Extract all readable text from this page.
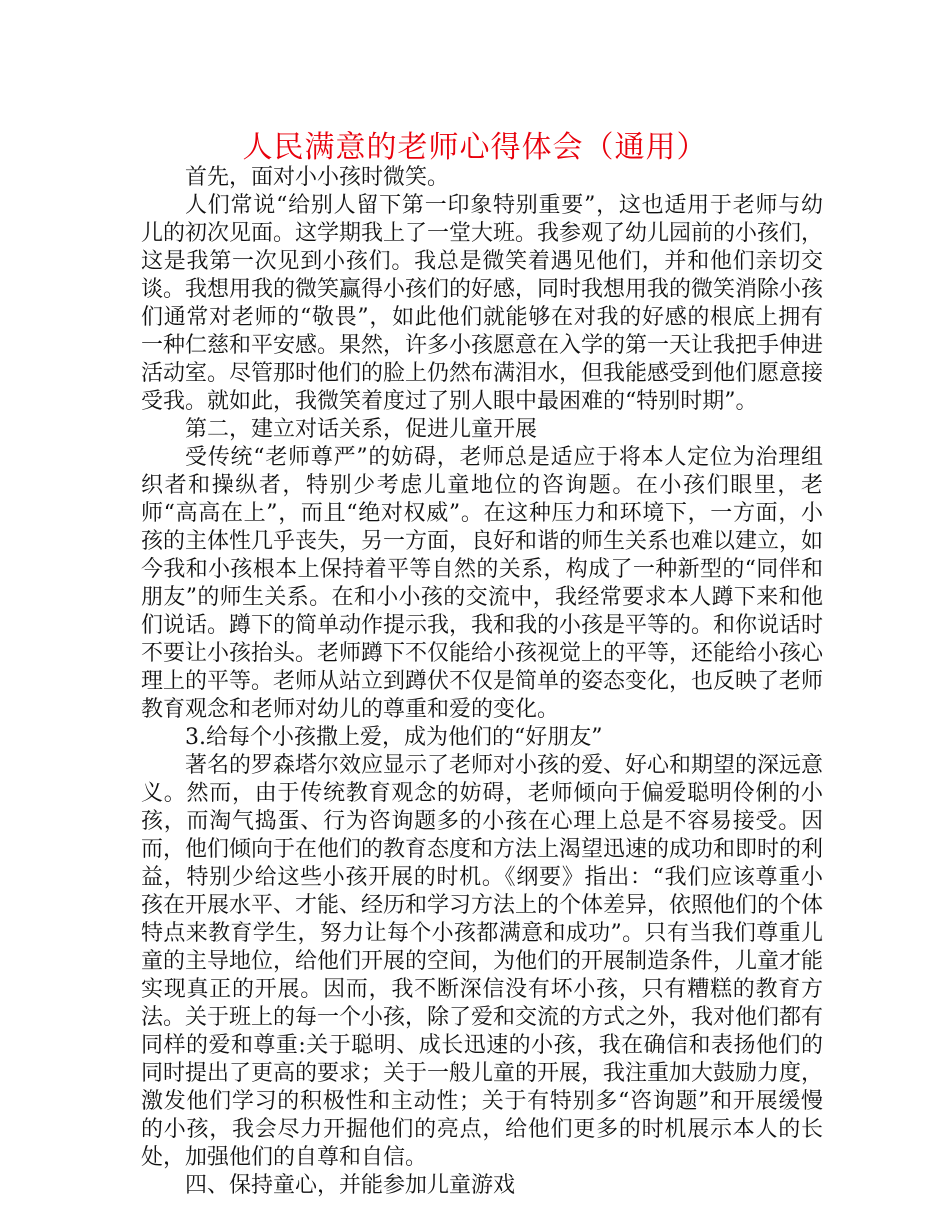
人民满意的老师心得体会（通用）

首先，面对小小孩时微笑。

人们常说“给别人留下第一印象特别重要”，这也适用于老师与幼儿的初次见面。这学期我上了一堂大班。我参观了幼儿园前的小孩们，这是我第一次见到小孩们。我总是微笑着遇见他们，并和他们亲切交谈。我想用我的微笑赢得小孩们的好感，同时我想用我的微笑消除小孩们通常对老师的“敬畏”，如此他们就能够在对我的好感的根底上拥有一种仁慈和平安感。果然，许多小孩愿意在入学的第一天让我把手伸进活动室。尽管那时他们的脸上仍然布满泪水，但我能感受到他们愿意接受我。就如此，我微笑着度过了别人眼中最困难的“特别时期”。

第二，建立对话关系，促进儿童开展

受传统“老师尊严”的妨碍，老师总是适应于将本人定位为治理组织者和操纵者，特别少考虑儿童地位的咨询题。在小孩们眼里，老师“高高在上”，而且“绝对权威”。在这种压力和环境下，一方面，小孩的主体性几乎丧失，另一方面，良好和谐的师生关系也难以建立，如今我和小孩根本上保持着平等自然的关系，构成了一种新型的“同伴和朋友”的师生关系。在和小小孩的交流中，我经常要求本人蹲下来和他们说话。蹲下的简单动作提示我，我和我的小孩是平等的。和你说话时不要让小孩抬头。老师蹲下不仅能给小孩视觉上的平等，还能给小孩心理上的平等。老师从站立到蹲伏不仅是简单的姿态变化，也反映了老师教育观念和老师对幼儿的尊重和爱的变化。

3.给每个小孩撒上爱，成为他们的“好朋友”

著名的罗森塔尔效应显示了老师对小孩的爱、好心和期望的深远意义。然而，由于传统教育观念的妨碍，老师倾向于偏爱聪明伶俐的小孩，而淘气捣蛋、行为咨询题多的小孩在心理上总是不容易接受。因而，他们倾向于在他们的教育态度和方法上渴望迅速的成功和即时的利益，特别少给这些小孩开展的时机。《纲要》指出：“我们应该尊重小孩在开展水平、才能、经历和学习方法上的个体差异，依照他们的个体特点来教育学生，努力让每个小孩都满意和成功”。只有当我们尊重儿童的主导地位，给他们开展的空间，为他们的开展制造条件，儿童才能实现真正的开展。因而，我不断深信没有坏小孩，只有糟糕的教育方法。关于班上的每一个小孩，除了爱和交流的方式之外，我对他们都有同样的爱和尊重:关于聪明、成长迅速的小孩，我在确信和表扬他们的同时提出了更高的要求；关于一般儿童的开展，我注重加大鼓励力度，激发他们学习的积极性和主动性；关于有特别多“咨询题”和开展缓慢的小孩，我会尽力开掘他们的亮点，给他们更多的时机展示本人的长处，加强他们的自尊和自信。

四、保持童心，并能参加儿童游戏
